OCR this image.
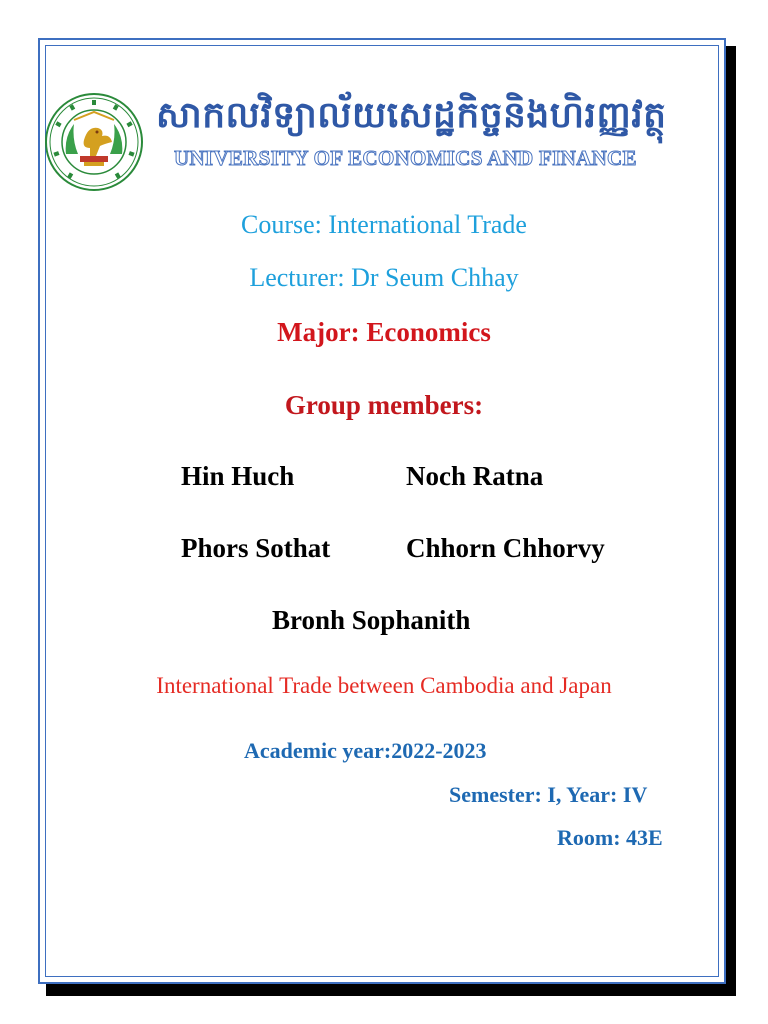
សាកលវិទ្យាល័យសេដ្ឋកិច្ចនិងហិរញ្ញវត្ថុ
UNIVERSITY OF ECONOMICS AND FINANCE
Course: International Trade
Lecturer: Dr Seum Chhay
Major: Economics
Group members:
Hin Huch	Noch Ratna
Phors Sothat	Chhorn Chhorvy
Bronh Sophanith
International Trade between Cambodia and Japan
Academic year:2022-2023
Semester: I, Year: IV
Room: 43E
